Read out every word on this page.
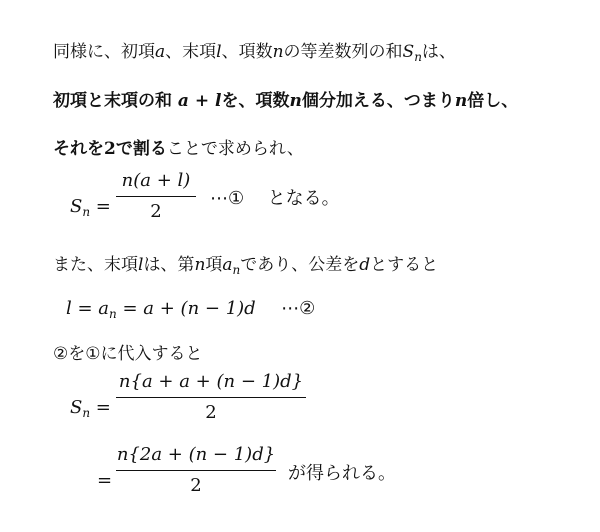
同様に、初項a、末項l、項数nの等差数列の和$S_n$は、
初項と末項の和 a + lを、項数n個分加える、つまりn倍し、
それを2で割ることで求められ、
$S_n$ =
n(a + l)
2
⋯① となる。
また、末項lは、第n項$a_n$であり、公差をdとすると
$l = a_n = a + (n - 1)d$ ⋯②
②を①に代入すると
$S_n$ =
n{a + a + (n − 1)d}
2
=
n{2a + (n − 1)d}
2
が得られる。
